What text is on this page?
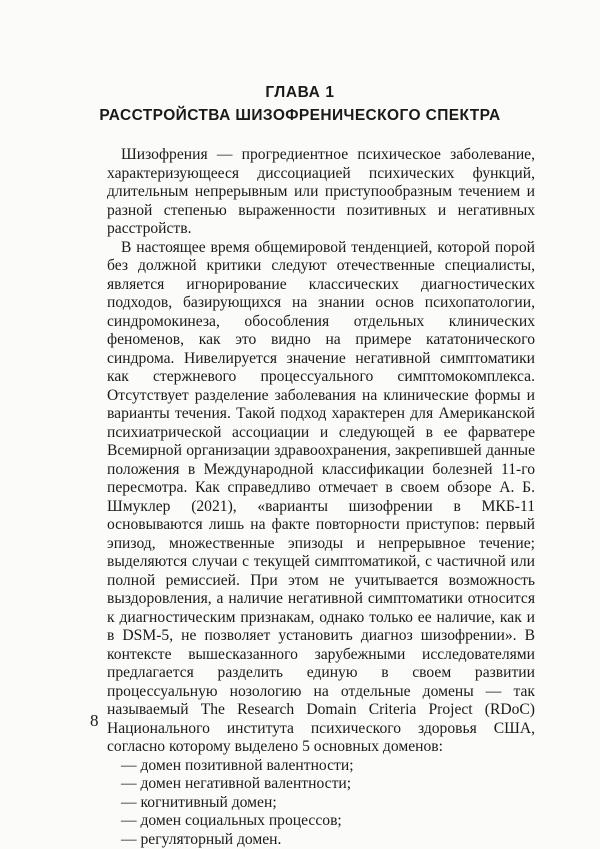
ГЛАВА 1
РАССТРОЙСТВА ШИЗОФРЕНИЧЕСКОГО СПЕКТРА

Шизофрения — прогредиентное психическое заболевание, характеризующееся диссоциацией психических функций, длительным непрерывным или приступообразным течением и разной степенью выраженности позитивных и негативных расстройств.

В настоящее время общемировой тенденцией, которой порой без должной критики следуют отечественные специалисты, является игнорирование классических диагностических подходов, базирующихся на знании основ психопатологии, синдромокинеза, обособления отдельных клинических феноменов, как это видно на примере кататонического синдрома. Нивелируется значение негативной симптоматики как стержневого процессуального симптомокомплекса. Отсутствует разделение заболевания на клинические формы и варианты течения. Такой подход характерен для Американской психиатрической ассоциации и следующей в ее фарватере Всемирной организации здравоохранения, закрепившей данные положения в Международной классификации болезней 11-го пересмотра. Как справедливо отмечает в своем обзоре А. Б. Шмуклер (2021), «варианты шизофрении в МКБ-11 основываются лишь на факте повторности приступов: первый эпизод, множественные эпизоды и непрерывное течение; выделяются случаи с текущей симптоматикой, с частичной или полной ремиссией. При этом не учитывается возможность выздоровления, а наличие негативной симптоматики относится к диагностическим признакам, однако только ее наличие, как и в DSM-5, не позволяет установить диагноз шизофрении». В контексте вышесказанного зарубежными исследователями предлагается разделить единую в своем развитии процессуальную нозологию на отдельные домены — так называемый The Research Domain Criteria Project (RDoC) Национального института психического здоровья США, согласно которому выделено 5 основных доменов:

— домен позитивной валентности;
— домен негативной валентности;
— когнитивный домен;
— домен социальных процессов;
— регуляторный домен.
8
